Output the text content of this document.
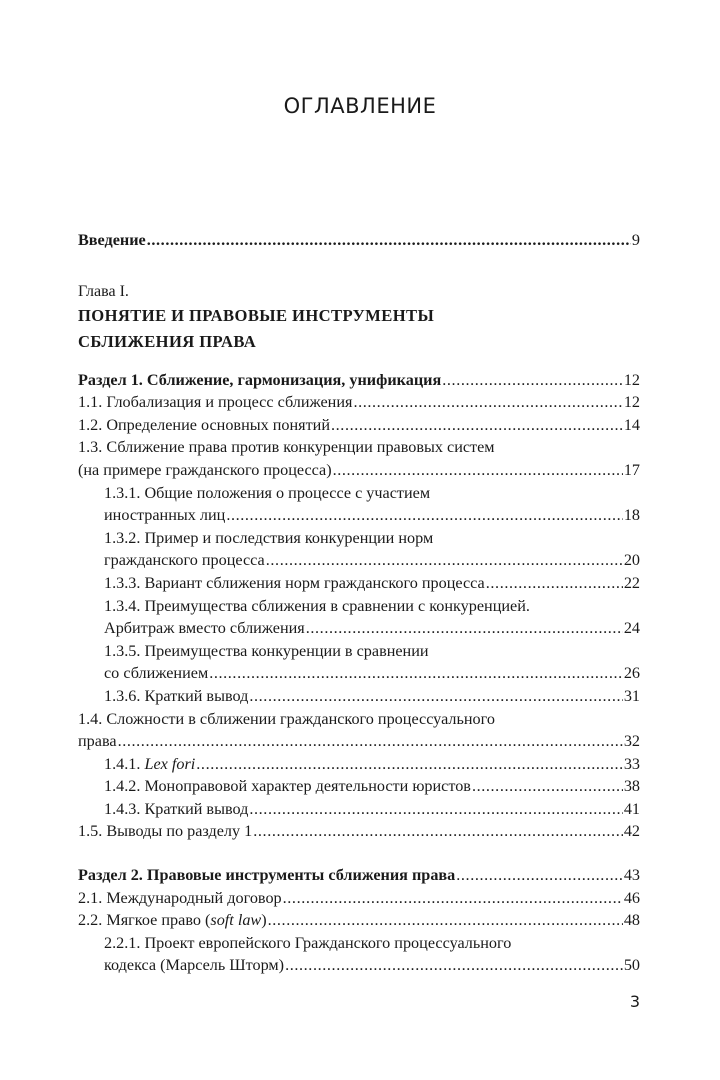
ОГЛАВЛЕНИЕ
Введение .....	9
Глава I.
ПОНЯТИЕ И ПРАВОВЫЕ ИНСТРУМЕНТЫ
СБЛИЖЕНИЯ ПРАВА
Раздел 1. Сближение, гармонизация, унификация .....	12
1.1. Глобализация и процесс сближения .....	12
1.2. Определение основных понятий .....	14
1.3. Сближение права против конкуренции правовых систем
(на примере гражданского процесса) .....	17
1.3.1. Общие положения о процессе с участием
иностранных лиц .....	18
1.3.2. Пример и последствия конкуренции норм
гражданского процесса .....	20
1.3.3. Вариант сближения норм гражданского процесса .....	22
1.3.4. Преимущества сближения в сравнении с конкуренцией.
Арбитраж вместо сближения .....	24
1.3.5. Преимущества конкуренции в сравнении
со сближением .....	26
1.3.6. Краткий вывод .....	31
1.4. Сложности в сближении гражданского процессуального
права .....	32
1.4.1. Lex fori .....	33
1.4.2. Моноправовой характер деятельности юристов .....	38
1.4.3. Краткий вывод .....	41
1.5. Выводы по разделу 1 .....	42
Раздел 2. Правовые инструменты сближения права .....	43
2.1. Международный договор .....	46
2.2. Мягкое право (soft law) .....	48
2.2.1. Проект европейского Гражданского процессуального
кодекса (Марсель Шторм) .....	50
3
